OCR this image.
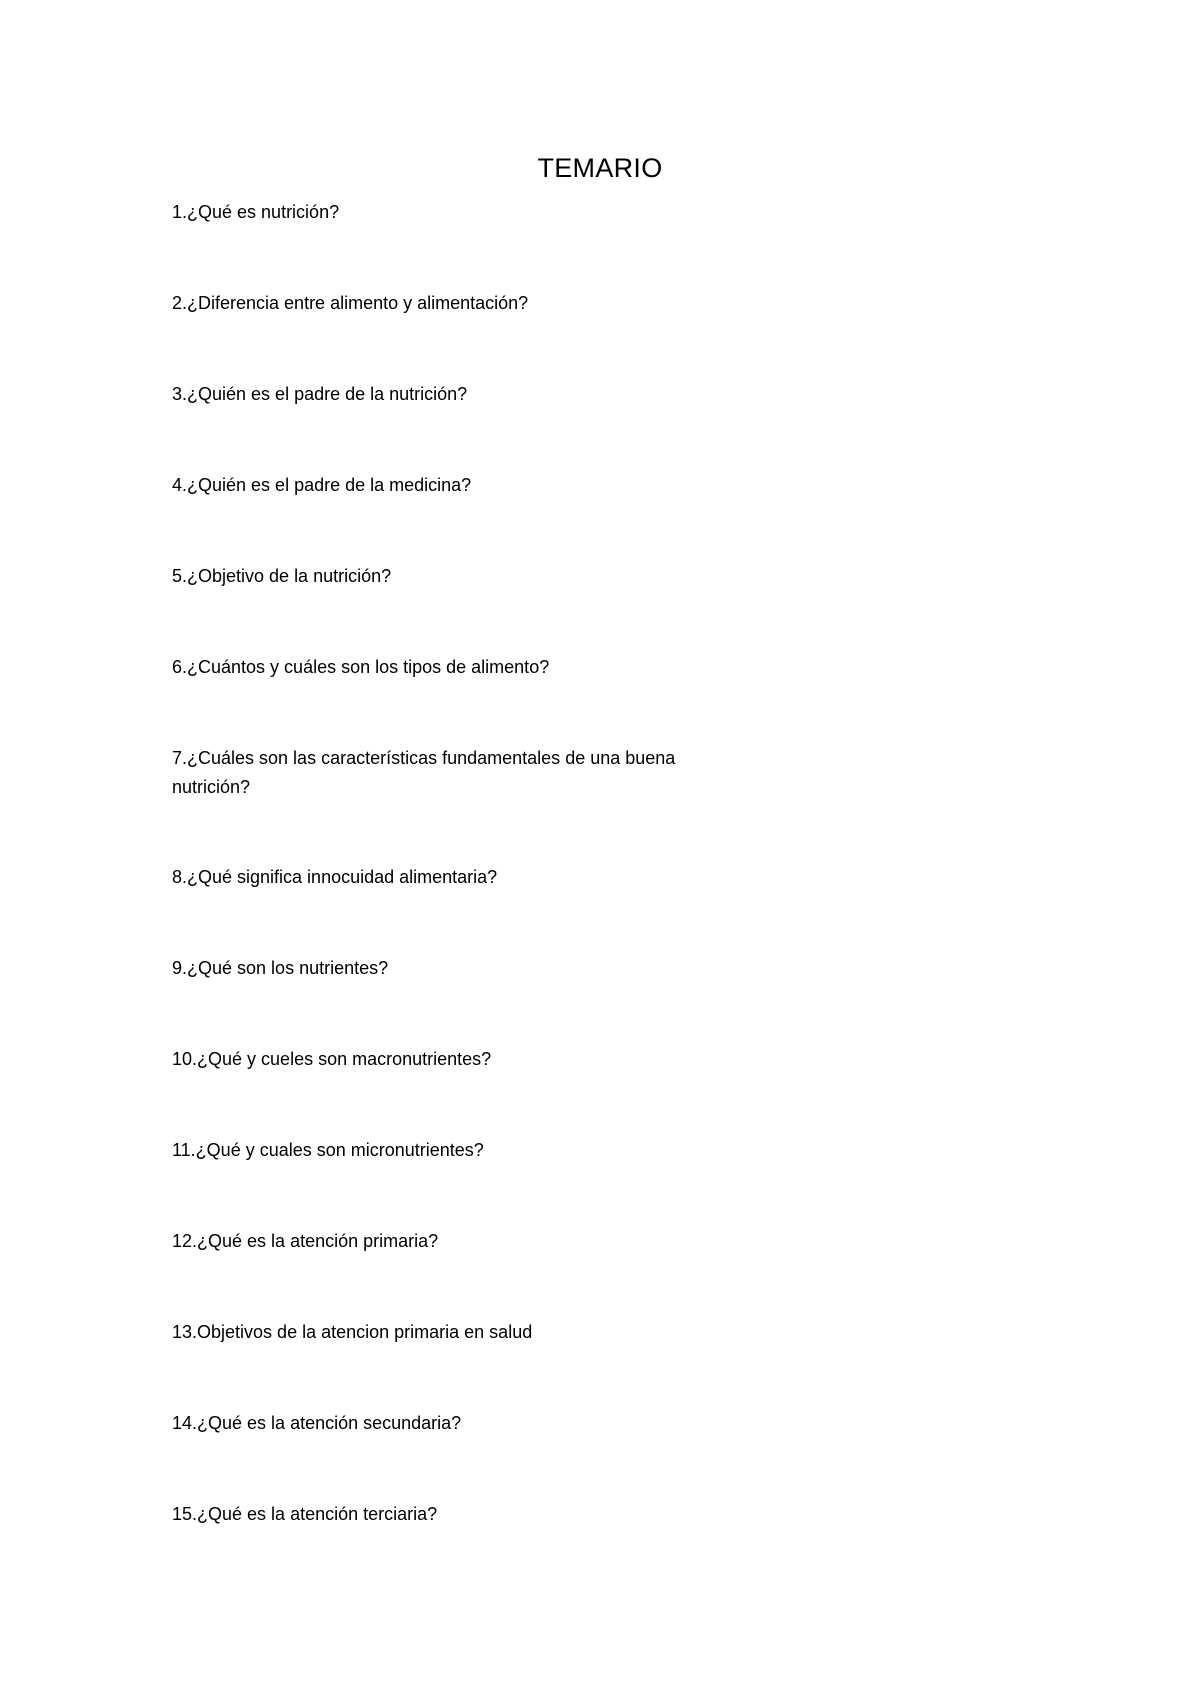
TEMARIO
1.¿Qué es nutrición?
2.¿Diferencia entre alimento y alimentación?
3.¿Quién es el padre de la nutrición?
4.¿Quién es el padre de la medicina?
5.¿Objetivo de la nutrición?
6.¿Cuántos y cuáles son los tipos de alimento?
7.¿Cuáles son las características fundamentales de una buena nutrición?
8.¿Qué significa innocuidad alimentaria?
9.¿Qué son los nutrientes?
10.¿Qué y cueles son macronutrientes?
11.¿Qué y cuales son micronutrientes?
12.¿Qué es la atención primaria?
13.Objetivos de la atencion primaria en salud
14.¿Qué es la atención secundaria?
15.¿Qué es la atención terciaria?
